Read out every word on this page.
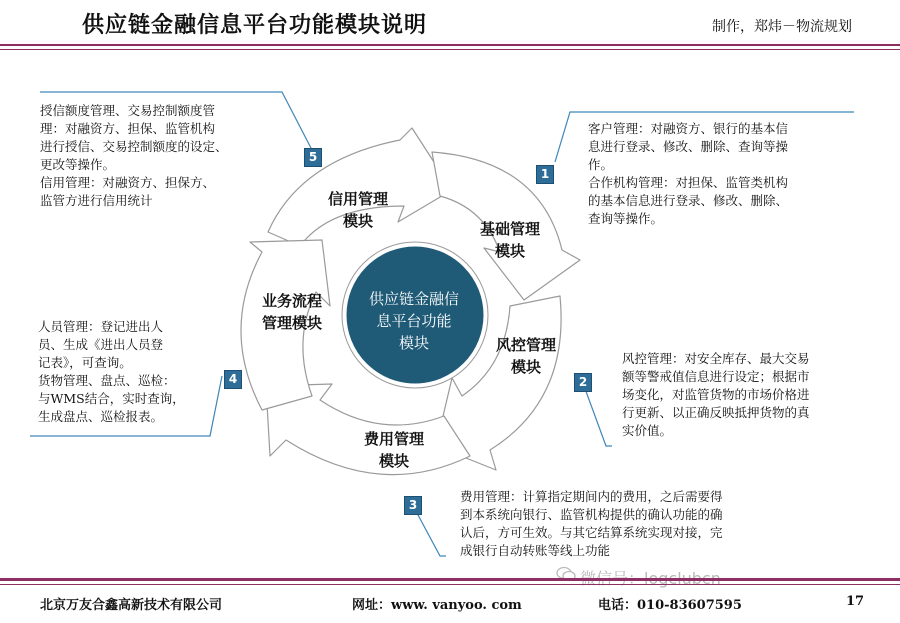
供应链金融信息平台功能模块说明	制作，郑炜－物流规划
信用管理
模块	基础管理
模块
风控管理
模块
费用管理
模块
业务流程
管理模块
供应链金融信
息平台功能
模块
授信额度管理、交易控制额度管
理：对融资方、担保、监管机构
进行授信、交易控制额度的设定、
更改等操作。
信用管理：对融资方、担保方、
监管方进行信用统计
5
客户管理：对融资方、银行的基本信
息进行登录、修改、删除、查询等操
作。
合作机构管理：对担保、监管类机构
的基本信息进行登录、修改、删除、
查询等操作。
1
风控管理：对安全库存、最大交易
额等警戒值信息进行设定；根据市
场变化，对监管货物的市场价格进
行更新、以正确反映抵押货物的真
实价值。
2
费用管理：计算指定期间内的费用，之后需要得
到本系统向银行、监管机构提供的确认功能的确
认后，方可生效。与其它结算系统实现对接，完
成银行自动转账等线上功能
3
人员管理：登记进出人
员、生成《进出人员登
记表》，可查询。
货物管理、盘点、巡检：
与WMS结合，实时查询，
生成盘点、巡检报表。
4
北京万友合鑫高新技术有限公司	网址：www. vanyoo. com	电话：010-83607595	17
